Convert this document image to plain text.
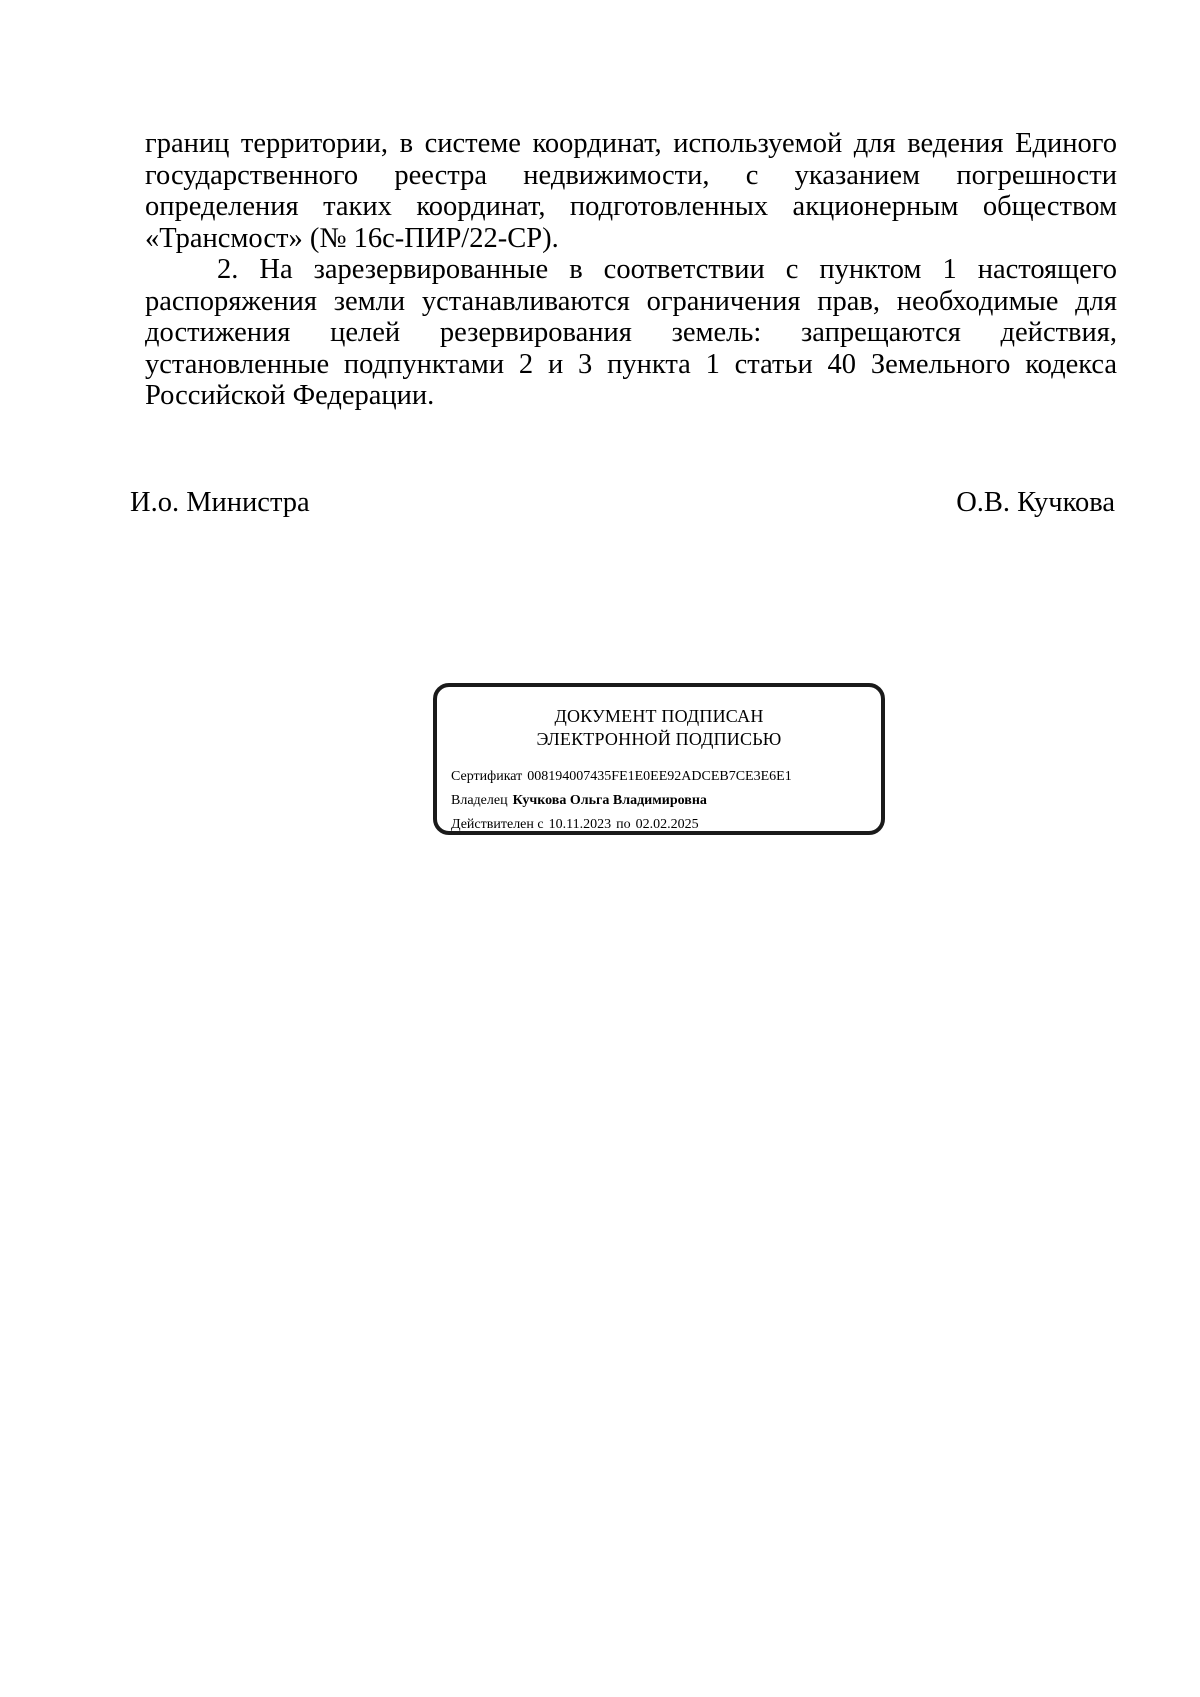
границ территории, в системе координат, используемой для ведения Единого государственного реестра недвижимости, с указанием погрешности определения таких координат, подготовленных акционерным обществом «Трансмост» (№ 16с-ПИР/22-СР).

2. На зарезервированные в соответствии с пунктом 1 настоящего распоряжения земли устанавливаются ограничения прав, необходимые для достижения целей резервирования земель: запрещаются действия, установленные подпунктами 2 и 3 пункта 1 статьи 40 Земельного кодекса Российской Федерации.

И.о. Министра	О.В. Кучкова
ДОКУМЕНТ ПОДПИСАН
ЭЛЕКТРОННОЙ ПОДПИСЬЮ
Сертификат 008194007435FE1E0EE92ADCEB7CE3E6E1
Владелец Кучкова Ольга Владимировна
Действителен с 10.11.2023 по 02.02.2025
